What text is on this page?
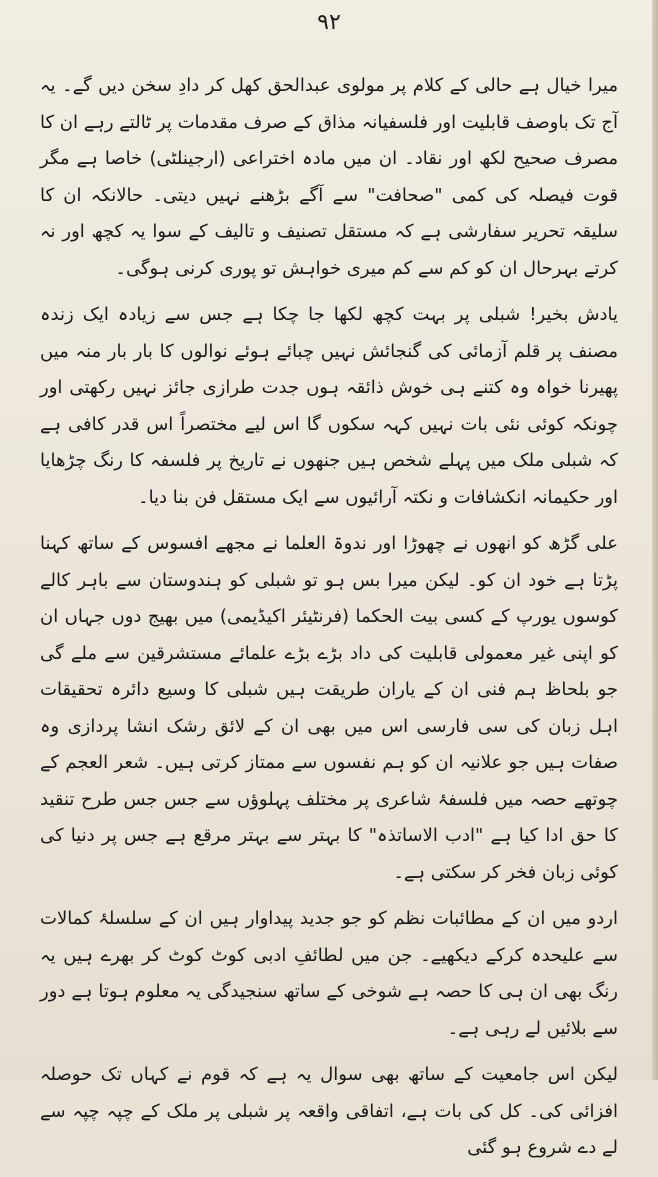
۹۲

میرا خیال ہے حالی کے کلام پر مولوی عبدالحق کھل کر دادِ سخن دیں گے۔ یہ آج تک باوصف قابلیت اور فلسفیانہ مذاق کے صرف مقدمات پر ٹالتے رہے ان کا مصرف صحیح لکھ اور نقاد۔ ان میں مادہ اختراعی (ارجینلٹی) خاصا ہے مگر قوت فیصلہ کی کمی "صحافت" سے آگے بڑھنے نہیں دیتی۔ حالانکہ ان کا سلیقہ تحریر سفارشی ہے کہ مستقل تصنیف و تالیف کے سوا یہ کچھ اور نہ کرتے بہرحال ان کو کم سے کم میری خواہش تو پوری کرنی ہوگی۔

یادش بخیر! شبلی پر بہت کچھ لکھا جا چکا ہے جس سے زیادہ ایک زندہ مصنف پر قلم آزمائی کی گنجائش نہیں چبائے ہوئے نوالوں کا بار بار منہ میں پھیرنا خواہ وہ کتنے ہی خوش ذائقہ ہوں جدت طرازی جائز نہیں رکھتی اور چونکہ کوئی نئی بات نہیں کہہ سکوں گا اس لیے مختصراً اس قدر کافی ہے کہ شبلی ملک میں پہلے شخص ہیں جنھوں نے تاریخ پر فلسفہ کا رنگ چڑھایا اور حکیمانہ انکشافات و نکتہ آرائیوں سے ایک مستقل فن بنا دیا۔

علی گڑھ کو انھوں نے چھوڑا اور ندوۃ العلما نے مجھے افسوس کے ساتھ کہنا پڑتا ہے خود ان کو۔ لیکن میرا بس ہو تو شبلی کو ہندوستان سے باہر کالے کوسوں یورپ کے کسی بیت الحکما (فرنٹیئر اکیڈیمی) میں بھیج دوں جہاں ان کو اپنی غیر معمولی قابلیت کی داد بڑے بڑے علمائے مستشرقین سے ملے گی جو بلحاظ ہم فنی ان کے یاران طریقت ہیں شبلی کا وسیع دائرہ تحقیقات اہل زبان کی سی فارسی اس میں بھی ان کے لائق رشک انشا پردازی وہ صفات ہیں جو علانیہ ان کو ہم نفسوں سے ممتاز کرتی ہیں۔ شعر العجم کے چوتھے حصہ میں فلسفۂ شاعری پر مختلف پہلوؤں سے جس جس طرح تنقید کا حق ادا کیا ہے "ادب الاساتذہ" کا بہتر سے بہتر مرقع ہے جس پر دنیا کی کوئی زبان فخر کر سکتی ہے۔

اردو میں ان کے مطائبات نظم کو جو جدید پیداوار ہیں ان کے سلسلۂ کمالات سے علیحدہ کرکے دیکھیے۔ جن میں لطائفِ ادبی کوٹ کوٹ کر بھرے ہیں یہ رنگ بھی ان ہی کا حصہ ہے شوخی کے ساتھ سنجیدگی یہ معلوم ہوتا ہے دور سے بلائیں لے رہی ہے۔

لیکن اس جامعیت کے ساتھ بھی سوال یہ ہے کہ قوم نے کہاں تک حوصلہ افزائی کی۔ کل کی بات ہے، اتفاقی واقعہ پر شبلی پر ملک کے چپہ چپہ سے لے دے شروع ہو گئی
